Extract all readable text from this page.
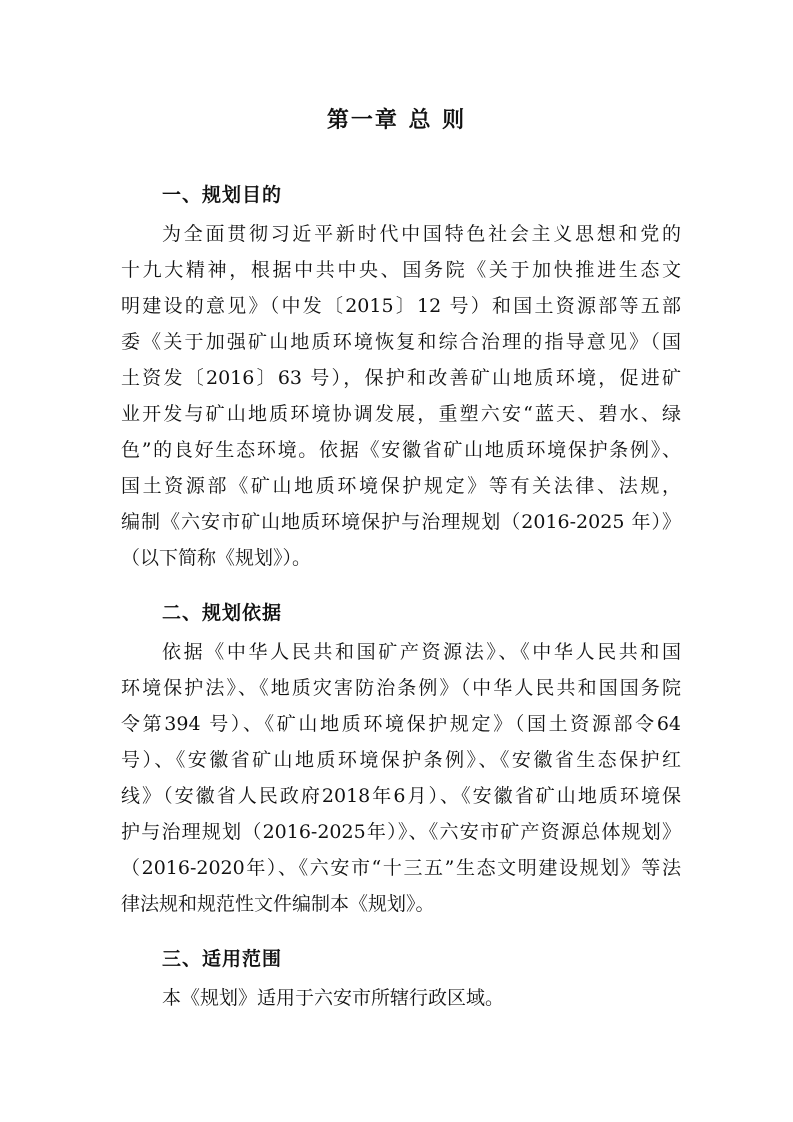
第一章 总 则
一、规划目的

为全面贯彻习近平新时代中国特色社会主义思想和党的

十九大精神，根据中共中央、国务院《关于加快推进生态文

明建设的意见》（中发〔2015〕12 号）和国土资源部等五部

委《关于加强矿山地质环境恢复和综合治理的指导意见》（国

土资发〔2016〕63 号），保护和改善矿山地质环境，促进矿

业开发与矿山地质环境协调发展，重塑六安“蓝天、碧水、绿

色”的良好生态环境。依据《安徽省矿山地质环境保护条例》、

国土资源部《矿山地质环境保护规定》等有关法律、法规，

编制《六安市矿山地质环境保护与治理规划（2016-2025 年）》

（以下简称《规划》）。

二、规划依据

依据《中华人民共和国矿产资源法》、《中华人民共和国

环境保护法》、《地质灾害防治条例》（中华人民共和国国务院

令第394 号）、《矿山地质环境保护规定》（国土资源部令64

号）、《安徽省矿山地质环境保护条例》、《安徽省生态保护红

线》（安徽省人民政府2018年6月）、《安徽省矿山地质环境保

护与治理规划（2016-2025年）》、《六安市矿产资源总体规划》

（2016-2020年）、《六安市“十三五”生态文明建设规划》等法

律法规和规范性文件编制本《规划》。

三、适用范围

本《规划》适用于六安市所辖行政区域。
